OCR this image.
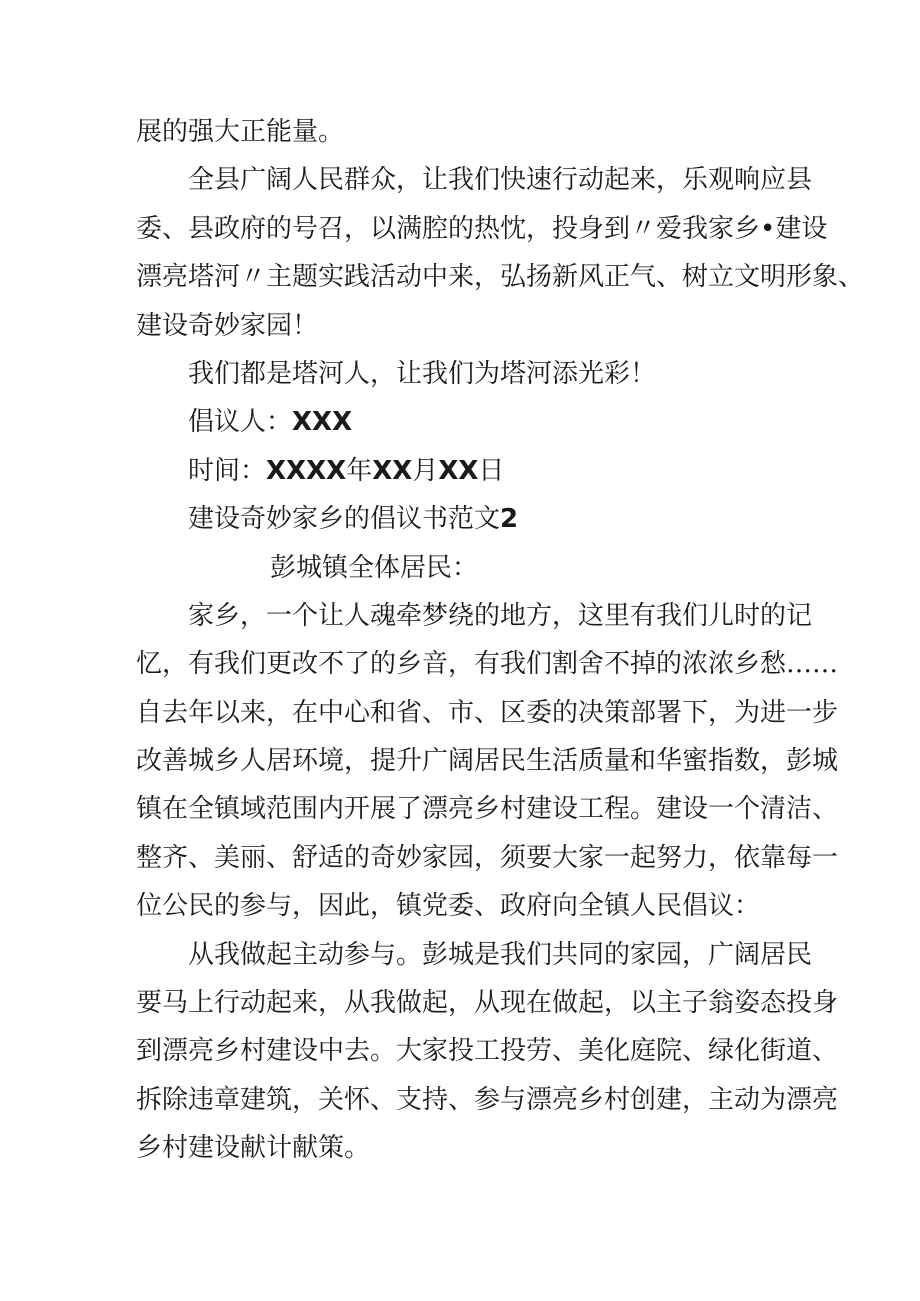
展的强大正能量。
全县广阔人民群众，让我们快速行动起来，乐观响应县
委、县政府的号召，以满腔的热忱，投身到〃爱我家乡•建设
漂亮塔河〃主题实践活动中来，弘扬新风正气、树立文明形象、
建设奇妙家园！
我们都是塔河人，让我们为塔河添光彩！
倡议人：XXX
时间：XXXX年XX月XX日
建设奇妙家乡的倡议书范文2
彭城镇全体居民：
家乡，一个让人魂牵梦绕的地方，这里有我们儿时的记
忆，有我们更改不了的乡音，有我们割舍不掉的浓浓乡愁……
自去年以来，在中心和省、市、区委的决策部署下，为进一步
改善城乡人居环境，提升广阔居民生活质量和华蜜指数，彭城
镇在全镇域范围内开展了漂亮乡村建设工程。建设一个清洁、
整齐、美丽、舒适的奇妙家园，须要大家一起努力，依靠每一
位公民的参与，因此，镇党委、政府向全镇人民倡议：
从我做起主动参与。彭城是我们共同的家园，广阔居民
要马上行动起来，从我做起，从现在做起，以主子翁姿态投身
到漂亮乡村建设中去。大家投工投劳、美化庭院、绿化街道、
拆除违章建筑，关怀、支持、参与漂亮乡村创建，主动为漂亮
乡村建设献计献策。
